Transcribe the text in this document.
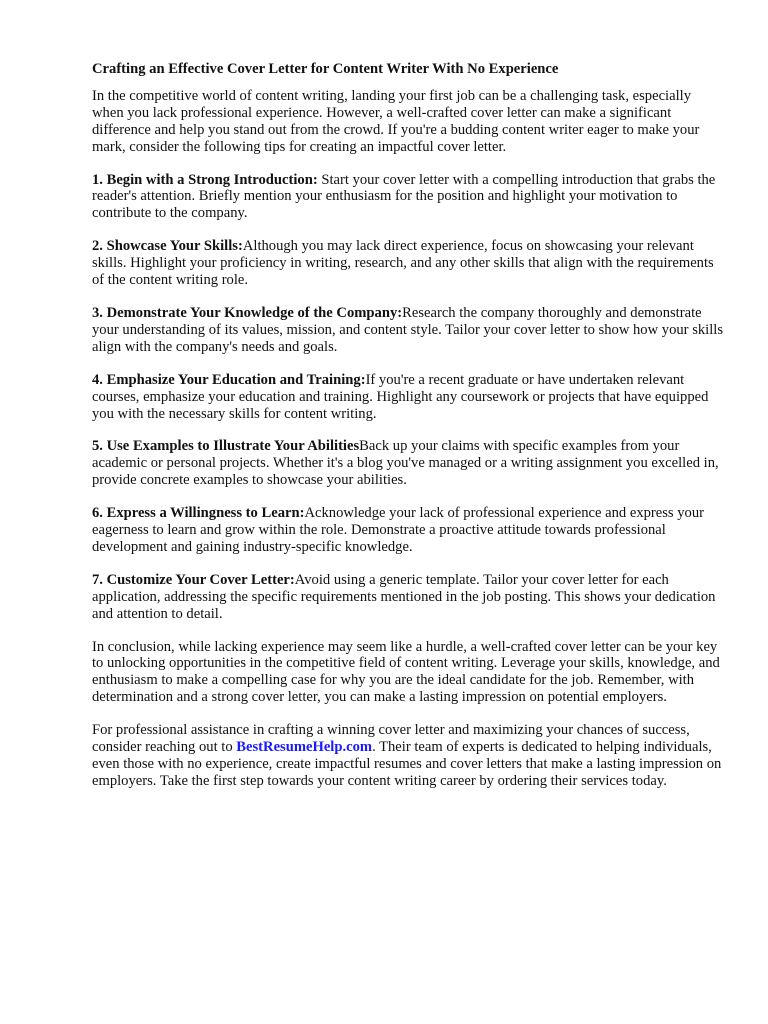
Crafting an Effective Cover Letter for Content Writer With No Experience

In the competitive world of content writing, landing your first job can be a challenging task, especially when you lack professional experience. However, a well-crafted cover letter can make a significant difference and help you stand out from the crowd. If you're a budding content writer eager to make your mark, consider the following tips for creating an impactful cover letter.

1. Begin with a Strong Introduction: Start your cover letter with a compelling introduction that grabs the reader's attention. Briefly mention your enthusiasm for the position and highlight your motivation to contribute to the company.

2. Showcase Your Skills:Although you may lack direct experience, focus on showcasing your relevant skills. Highlight your proficiency in writing, research, and any other skills that align with the requirements of the content writing role.

3. Demonstrate Your Knowledge of the Company:Research the company thoroughly and demonstrate your understanding of its values, mission, and content style. Tailor your cover letter to show how your skills align with the company's needs and goals.

4. Emphasize Your Education and Training:If you're a recent graduate or have undertaken relevant courses, emphasize your education and training. Highlight any coursework or projects that have equipped you with the necessary skills for content writing.

5. Use Examples to Illustrate Your AbilitiesBack up your claims with specific examples from your academic or personal projects. Whether it's a blog you've managed or a writing assignment you excelled in, provide concrete examples to showcase your abilities.

6. Express a Willingness to Learn:Acknowledge your lack of professional experience and express your eagerness to learn and grow within the role. Demonstrate a proactive attitude towards professional development and gaining industry-specific knowledge.

7. Customize Your Cover Letter:Avoid using a generic template. Tailor your cover letter for each application, addressing the specific requirements mentioned in the job posting. This shows your dedication and attention to detail.

In conclusion, while lacking experience may seem like a hurdle, a well-crafted cover letter can be your key to unlocking opportunities in the competitive field of content writing. Leverage your skills, knowledge, and enthusiasm to make a compelling case for why you are the ideal candidate for the job. Remember, with determination and a strong cover letter, you can make a lasting impression on potential employers.

For professional assistance in crafting a winning cover letter and maximizing your chances of success, consider reaching out to BestResumeHelp.com. Their team of experts is dedicated to helping individuals, even those with no experience, create impactful resumes and cover letters that make a lasting impression on employers. Take the first step towards your content writing career by ordering their services today.
